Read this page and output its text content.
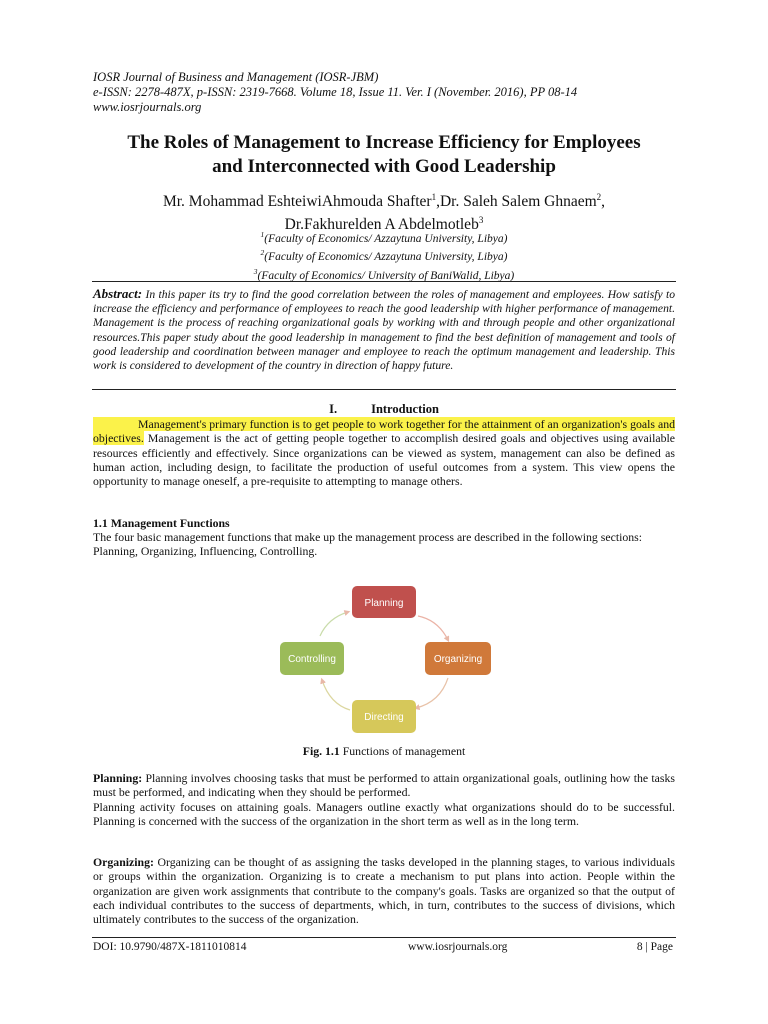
IOSR Journal of Business and Management (IOSR-JBM)
e-ISSN: 2278-487X, p-ISSN: 2319-7668. Volume 18, Issue 11. Ver. I (November. 2016), PP 08-14
www.iosrjournals.org
The Roles of Management to Increase Efficiency for Employees
and Interconnected with Good Leadership
Mr. Mohammad EshteiwiAhmouda Shafter$^1$,Dr. Saleh Salem Ghnaem$^2$,
Dr.Fakhurelden A Abdelmotleb$^3$
$^1$(Faculty of Economics/ Azzaytuna University, Libya)
$^2$(Faculty of Economics/ Azzaytuna University, Libya)
$^3$(Faculty of Economics/ University of BaniWalid, Libya)
Abstract: In this paper its try to find the good correlation between the roles of management and employees. How satisfy to increase the efficiency and performance of employees to reach the good leadership with higher performance of management. Management is the process of reaching organizational goals by working with and through people and other organizational resources.This paper study about the good leadership in management to find the best definition of management and tools of good leadership and coordination between manager and employee to reach the optimum management and leadership. This work is considered to development of the country in direction of happy future.
I.	Introduction
Management's primary function is to get people to work together for the attainment of an organization's goals and objectives. Management is the act of getting people together to accomplish desired goals and objectives using available resources efficiently and effectively. Since organizations can be viewed as system, management can also be defined as human action, including design, to facilitate the production of useful outcomes from a system. This view opens the opportunity to manage oneself, a pre-requisite to attempting to manage others.
1.1 Management Functions
The four basic management functions that make up the management process are described in the following sections:
Planning, Organizing, Influencing, Controlling.
Planning
Organizing
Directing
Controlling
Fig. 1.1 Functions of management
Planning: Planning involves choosing tasks that must be performed to attain organizational goals, outlining how the tasks must be performed, and indicating when they should be performed.
Planning activity focuses on attaining goals. Managers outline exactly what organizations should do to be successful. Planning is concerned with the success of the organization in the short term as well as in the long term.
Organizing: Organizing can be thought of as assigning the tasks developed in the planning stages, to various individuals or groups within the organization. Organizing is to create a mechanism to put plans into action. People within the organization are given work assignments that contribute to the company's goals. Tasks are organized so that the output of each individual contributes to the success of departments, which, in turn, contributes to the success of divisions, which ultimately contributes to the success of the organization.
DOI: 10.9790/487X-1811010814	www.iosrjournals.org	8 | Page
